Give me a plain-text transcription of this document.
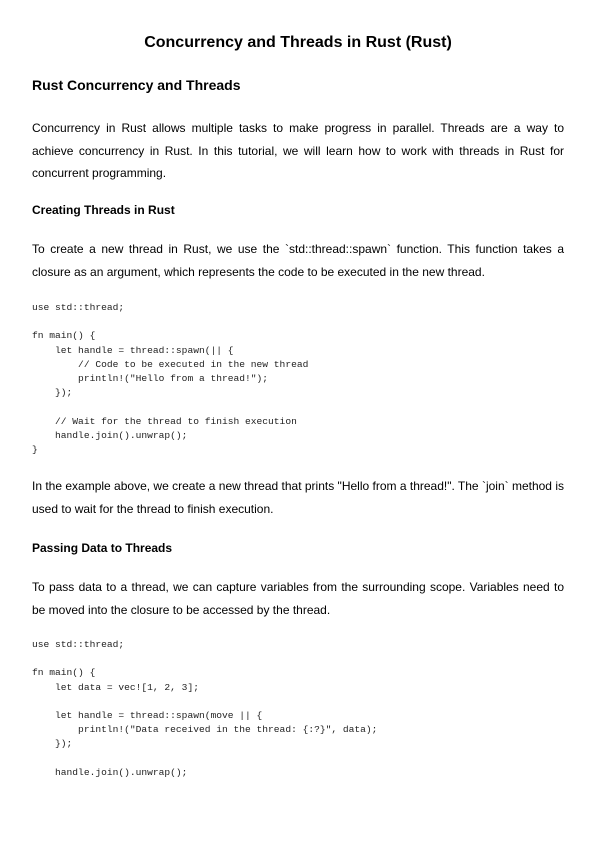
Concurrency and Threads in Rust (Rust)
Rust Concurrency and Threads

Concurrency in Rust allows multiple tasks to make progress in parallel. Threads are a way to achieve concurrency in Rust. In this tutorial, we will learn how to work with threads in Rust for concurrent programming.

Creating Threads in Rust

To create a new thread in Rust, we use the `std::thread::spawn` function. This function takes a closure as an argument, which represents the code to be executed in the new thread.

use std::thread;

fn main() {
let handle = thread::spawn(|| {
// Code to be executed in the new thread
println!("Hello from a thread!");
});

// Wait for the thread to finish execution
handle.join().unwrap();
}

In the example above, we create a new thread that prints "Hello from a thread!". The `join` method is used to wait for the thread to finish execution.

Passing Data to Threads

To pass data to a thread, we can capture variables from the surrounding scope. Variables need to be moved into the closure to be accessed by the thread.

use std::thread;

fn main() {
let data = vec![1, 2, 3];

let handle = thread::spawn(move || {
println!("Data received in the thread: {:?}", data);
});

handle.join().unwrap();
